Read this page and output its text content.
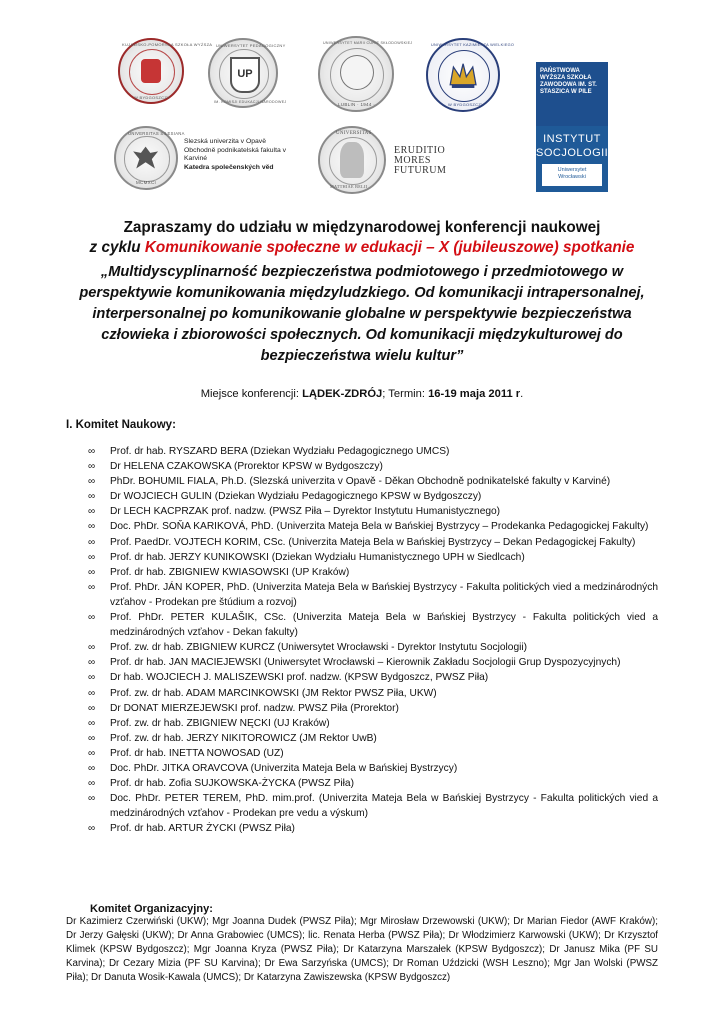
KUJAWSKO-POMORSKA SZKOŁA WYŻSZA
W BYDGOSZCZY
UP
UNIWERSYTET PEDAGOGICZNY
IM. KOMISJI EDUKACJI NARODOWEJ
UNIWERSYTET MARII CURIE SKŁODOWSKIEJ
LUBLIN · 1944 ·
UNIWERSYTET KAZIMIERZA WIELKIEGO
W BYDGOSZCZY
PAŃSTWOWA WYŻSZA SZKOŁA ZAWODOWA IM. ST. STASZICA W PILE
UNIVERSITAS SILESIANA
MCMXCI
Slezská univerzita v Opavě
Obchodně podnikatelská fakulta v
Karviné
Katedra společenských věd
UNIVERSITAS
MATTHIAE BELII
ERUDITIO
MORES
FUTURUM
INSTYTUT
SOCJOLOGII
Uniwersytet
Wrocławski
Zapraszamy do udziału w międzynarodowej konferencji naukowej
z cyklu Komunikowanie społeczne w edukacji – X (jubileuszowe) spotkanie
„Multidyscyplinarność bezpieczeństwa podmiotowego i przedmiotowego w
perspektywie komunikowania międzyludzkiego. Od komunikacji intrapersonalnej,
interpersonalnej po komunikowanie globalne w perspektywie bezpieczeństwa
człowieka i zbiorowości społecznych. Od komunikacji międzykulturowej do
bezpieczeństwa wielu kultur”
Miejsce konferencji: LĄDEK-ZDRÓJ; Termin: 16-19 maja 2011 r.
I. Komitet Naukowy:
∞ Prof. dr hab. RYSZARD BERA (Dziekan Wydziału Pedagogicznego UMCS)
∞ Dr HELENA CZAKOWSKA (Prorektor KPSW w Bydgoszczy)
∞ PhDr. BOHUMIL FIALA, Ph.D. (Slezská univerzita v Opavě - Děkan Obchodně podnikatelské fakulty v Karviné)
∞ Dr WOJCIECH GULIN (Dziekan Wydziału Pedagogicznego KPSW w Bydgoszczy)
∞ Dr LECH KACPRZAK prof. nadzw. (PWSZ Piła – Dyrektor Instytutu Humanistycznego)
∞ Doc. PhDr. SOŇA KARIKOVÁ, PhD. (Univerzita Mateja Bela w Bańskiej Bystrzycy – Prodekanka Pedagogickej Fakulty)
∞ Prof. PaedDr. VOJTECH KORIM, CSc. (Univerzita Mateja Bela w Bańskiej Bystrzycy – Dekan Pedagogickej Fakulty)
∞ Prof. dr hab. JERZY KUNIKOWSKI (Dziekan Wydziału Humanistycznego UPH w Siedlcach)
∞ Prof. dr hab. ZBIGNIEW KWIASOWSKI (UP Kraków)
∞ Prof. PhDr. JÁN KOPER, PhD. (Univerzita Mateja Bela w Bańskiej Bystrzycy - Fakulta politických vied a medzinárodných vzťahov - Prodekan pre štúdium a rozvoj)
∞ Prof. PhDr. PETER KULAŠIK, CSc. (Univerzita Mateja Bela w Bańskiej Bystrzycy - Fakulta politických vied a medzinárodných vzťahov - Dekan fakulty)
∞ Prof. zw. dr hab. ZBIGNIEW KURCZ (Uniwersytet Wrocławski - Dyrektor Instytutu Socjologii)
∞ Prof. dr hab. JAN MACIEJEWSKI (Uniwersytet Wrocławski – Kierownik Zakładu Socjologii Grup Dyspozycyjnych)
∞ Dr hab. WOJCIECH J. MALISZEWSKI prof. nadzw. (KPSW Bydgoszcz, PWSZ Piła)
∞ Prof. zw. dr hab. ADAM MARCINKOWSKI (JM Rektor PWSZ Piła, UKW)
∞ Dr DONAT MIERZEJEWSKI prof. nadzw. PWSZ Piła (Prorektor)
∞ Prof. zw. dr hab. ZBIGNIEW NĘCKI (UJ Kraków)
∞ Prof. zw. dr hab. JERZY NIKITOROWICZ (JM Rektor UwB)
∞ Prof. dr hab. INETTA NOWOSAD (UZ)
∞ Doc. PhDr. JITKA ORAVCOVA (Univerzita Mateja Bela w Bańskiej Bystrzycy)
∞ Prof. dr hab. Zofia SUJKOWSKA-ŻYCKA (PWSZ Piła)
∞ Doc. PhDr. PETER TEREM, PhD. mim.prof. (Univerzita Mateja Bela w Bańskiej Bystrzycy - Fakulta politických vied a medzinárodných vzťahov - Prodekan pre vedu a výskum)
∞ Prof. dr hab. ARTUR ŻYCKI (PWSZ Piła)
Komitet Organizacyjny:
Dr Kazimierz Czerwiński (UKW); Mgr Joanna Dudek (PWSZ Piła); Mgr Mirosław Drzewowski (UKW); Dr Marian Fiedor (AWF Kraków); Dr Jerzy Gałęski (UKW); Dr Anna Grabowiec (UMCS); lic. Renata Herba (PWSZ Piła); Dr Włodzimierz Karwowski (UKW); Dr Krzysztof Klimek (KPSW Bydgoszcz); Mgr Joanna Kryza (PWSZ Piła); Dr Katarzyna Marszałek (KPSW Bydgoszcz); Dr Janusz Mika (PF SU Karvina); Dr Cezary Mizia (PF SU Karvina); Dr Ewa Sarzyńska (UMCS); Dr Roman Uździcki (WSH Leszno); Mgr Jan Wolski (PWSZ Piła); Dr Danuta Wosik-Kawala (UMCS); Dr Katarzyna Zawiszewska (KPSW Bydgoszcz)
